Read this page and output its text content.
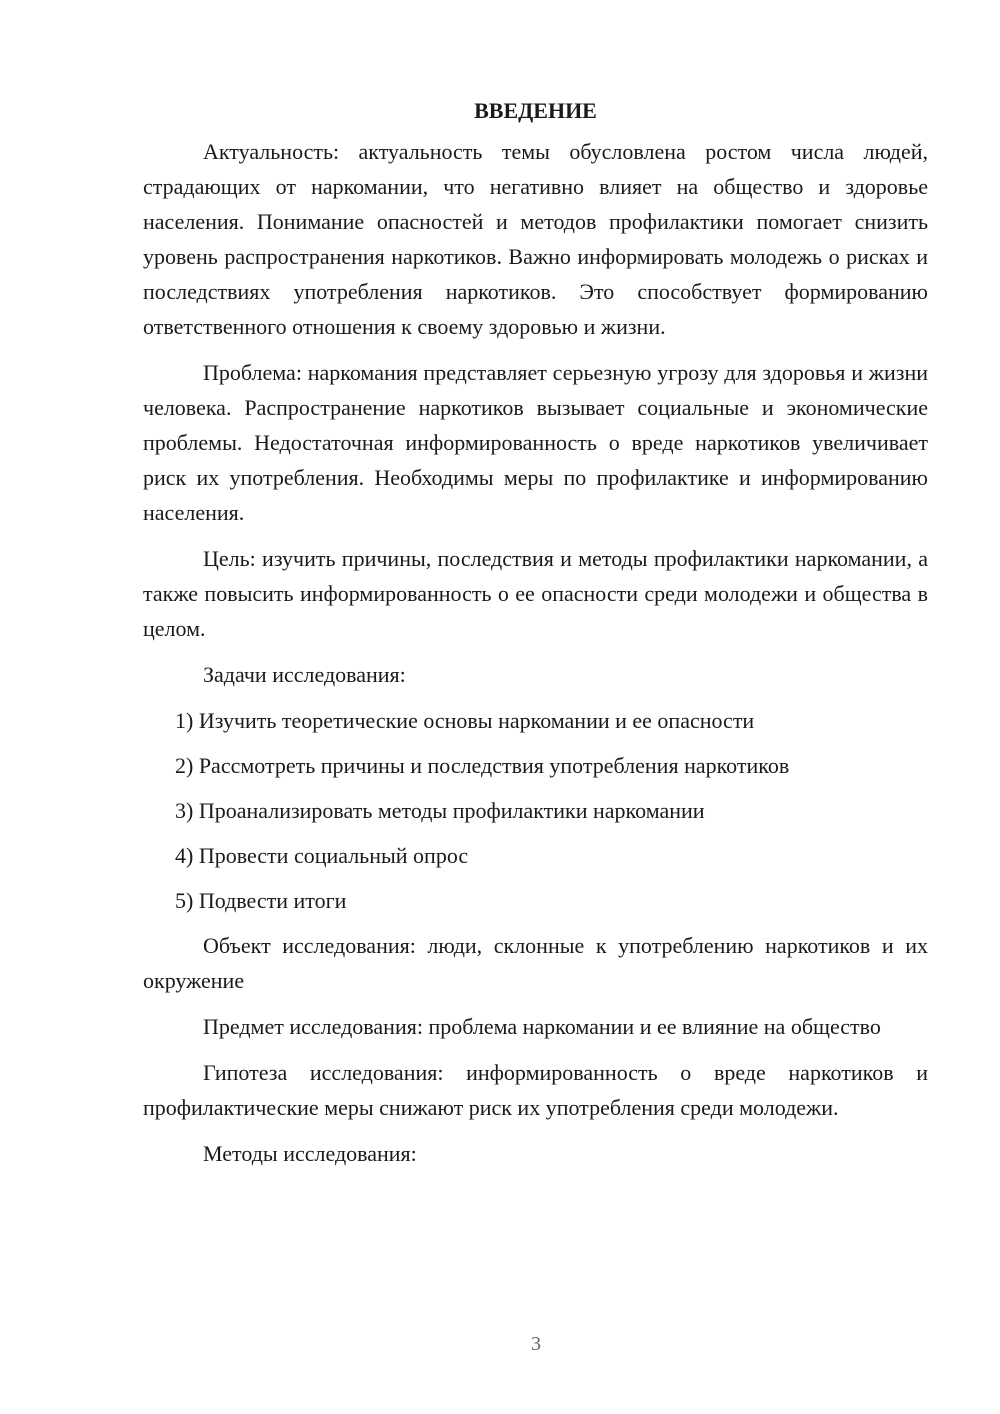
ВВЕДЕНИЕ

Актуальность: актуальность темы обусловлена ростом числа людей, страдающих от наркомании, что негативно влияет на общество и здоровье населения. Понимание опасностей и методов профилактики помогает снизить уровень распространения наркотиков. Важно информировать молодежь о рисках и последствиях употребления наркотиков. Это способствует формированию ответственного отношения к своему здоровью и жизни.

Проблема: наркомания представляет серьезную угрозу для здоровья и жизни человека. Распространение наркотиков вызывает социальные и экономические проблемы. Недостаточная информированность о вреде наркотиков увеличивает риск их употребления. Необходимы меры по профилактике и информированию населения.

Цель: изучить причины, последствия и методы профилактики наркомании, а также повысить информированность о ее опасности среди молодежи и общества в целом.

Задачи исследования:

1) Изучить теоретические основы наркомании и ее опасности

2) Рассмотреть причины и последствия употребления наркотиков

3) Проанализировать методы профилактики наркомании

4) Провести социальный опрос

5) Подвести итоги

Объект исследования: люди, склонные к употреблению наркотиков и их окружение

Предмет исследования: проблема наркомании и ее влияние на общество

Гипотеза исследования: информированность о вреде наркотиков и профилактические меры снижают риск их употребления среди молодежи.

Методы исследования:

3
